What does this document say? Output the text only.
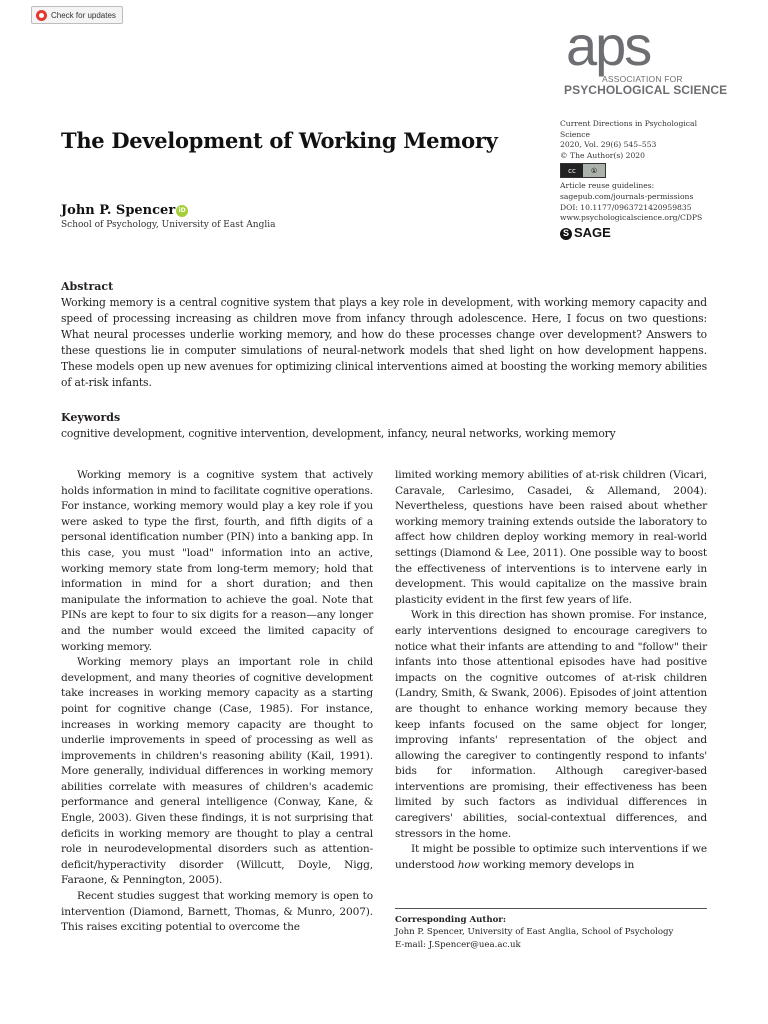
Check for updates	aps
ASSOCIATION FOR
PSYCHOLOGICAL SCIENCE
The Development of Working Memory
Current Directions in Psychological Science
2020, Vol. 29(6) 545–553
© The Author(s) 2020
cc	①
Article reuse guidelines:
sagepub.com/journals-permissions
DOI: 10.1177/0963721420959835
www.psychologicalscience.org/CDPS
S SAGE
John P. Spencer iD
School of Psychology, University of East Anglia
Abstract
Working memory is a central cognitive system that plays a key role in development, with working memory capacity and speed of processing increasing as children move from infancy through adolescence. Here, I focus on two questions: What neural processes underlie working memory, and how do these processes change over development? Answers to these questions lie in computer simulations of neural-network models that shed light on how development happens. These models open up new avenues for optimizing clinical interventions aimed at boosting the working memory abilities of at-risk infants.
Keywords
cognitive development, cognitive intervention, development, infancy, neural networks, working memory

Working memory is a cognitive system that actively holds information in mind to facilitate cognitive operations. For instance, working memory would play a key role if you were asked to type the first, fourth, and fifth digits of a personal identification number (PIN) into a banking app. In this case, you must "load" information into an active, working memory state from long-term memory; hold that information in mind for a short duration; and then manipulate the information to achieve the goal. Note that PINs are kept to four to six digits for a reason—any longer and the number would exceed the limited capacity of working memory.

Working memory plays an important role in child development, and many theories of cognitive development take increases in working memory capacity as a starting point for cognitive change (Case, 1985). For instance, increases in working memory capacity are thought to underlie improvements in speed of processing as well as improvements in children's reasoning ability (Kail, 1991). More generally, individual differences in working memory abilities correlate with measures of children's academic performance and general intelligence (Conway, Kane, & Engle, 2003). Given these findings, it is not surprising that deficits in working memory are thought to play a central role in neurodevelopmental disorders such as attention-deficit/hyperactivity disorder (Willcutt, Doyle, Nigg, Faraone, & Pennington, 2005).

Recent studies suggest that working memory is open to intervention (Diamond, Barnett, Thomas, & Munro, 2007). This raises exciting potential to overcome the

limited working memory abilities of at-risk children (Vicari, Caravale, Carlesimo, Casadei, & Allemand, 2004). Nevertheless, questions have been raised about whether working memory training extends outside the laboratory to affect how children deploy working memory in real-world settings (Diamond & Lee, 2011). One possible way to boost the effectiveness of interventions is to intervene early in development. This would capitalize on the massive brain plasticity evident in the first few years of life.

Work in this direction has shown promise. For instance, early interventions designed to encourage caregivers to notice what their infants are attending to and "follow" their infants into those attentional episodes have had positive impacts on the cognitive outcomes of at-risk children (Landry, Smith, & Swank, 2006). Episodes of joint attention are thought to enhance working memory because they keep infants focused on the same object for longer, improving infants' representation of the object and allowing the caregiver to contingently respond to infants' bids for information. Although caregiver-based interventions are promising, their effectiveness has been limited by such factors as individual differences in caregivers' abilities, social-contextual differences, and stressors in the home.

It might be possible to optimize such interventions if we understood how working memory develops in

Corresponding Author:
John P. Spencer, University of East Anglia, School of Psychology
E-mail: J.Spencer@uea.ac.uk
